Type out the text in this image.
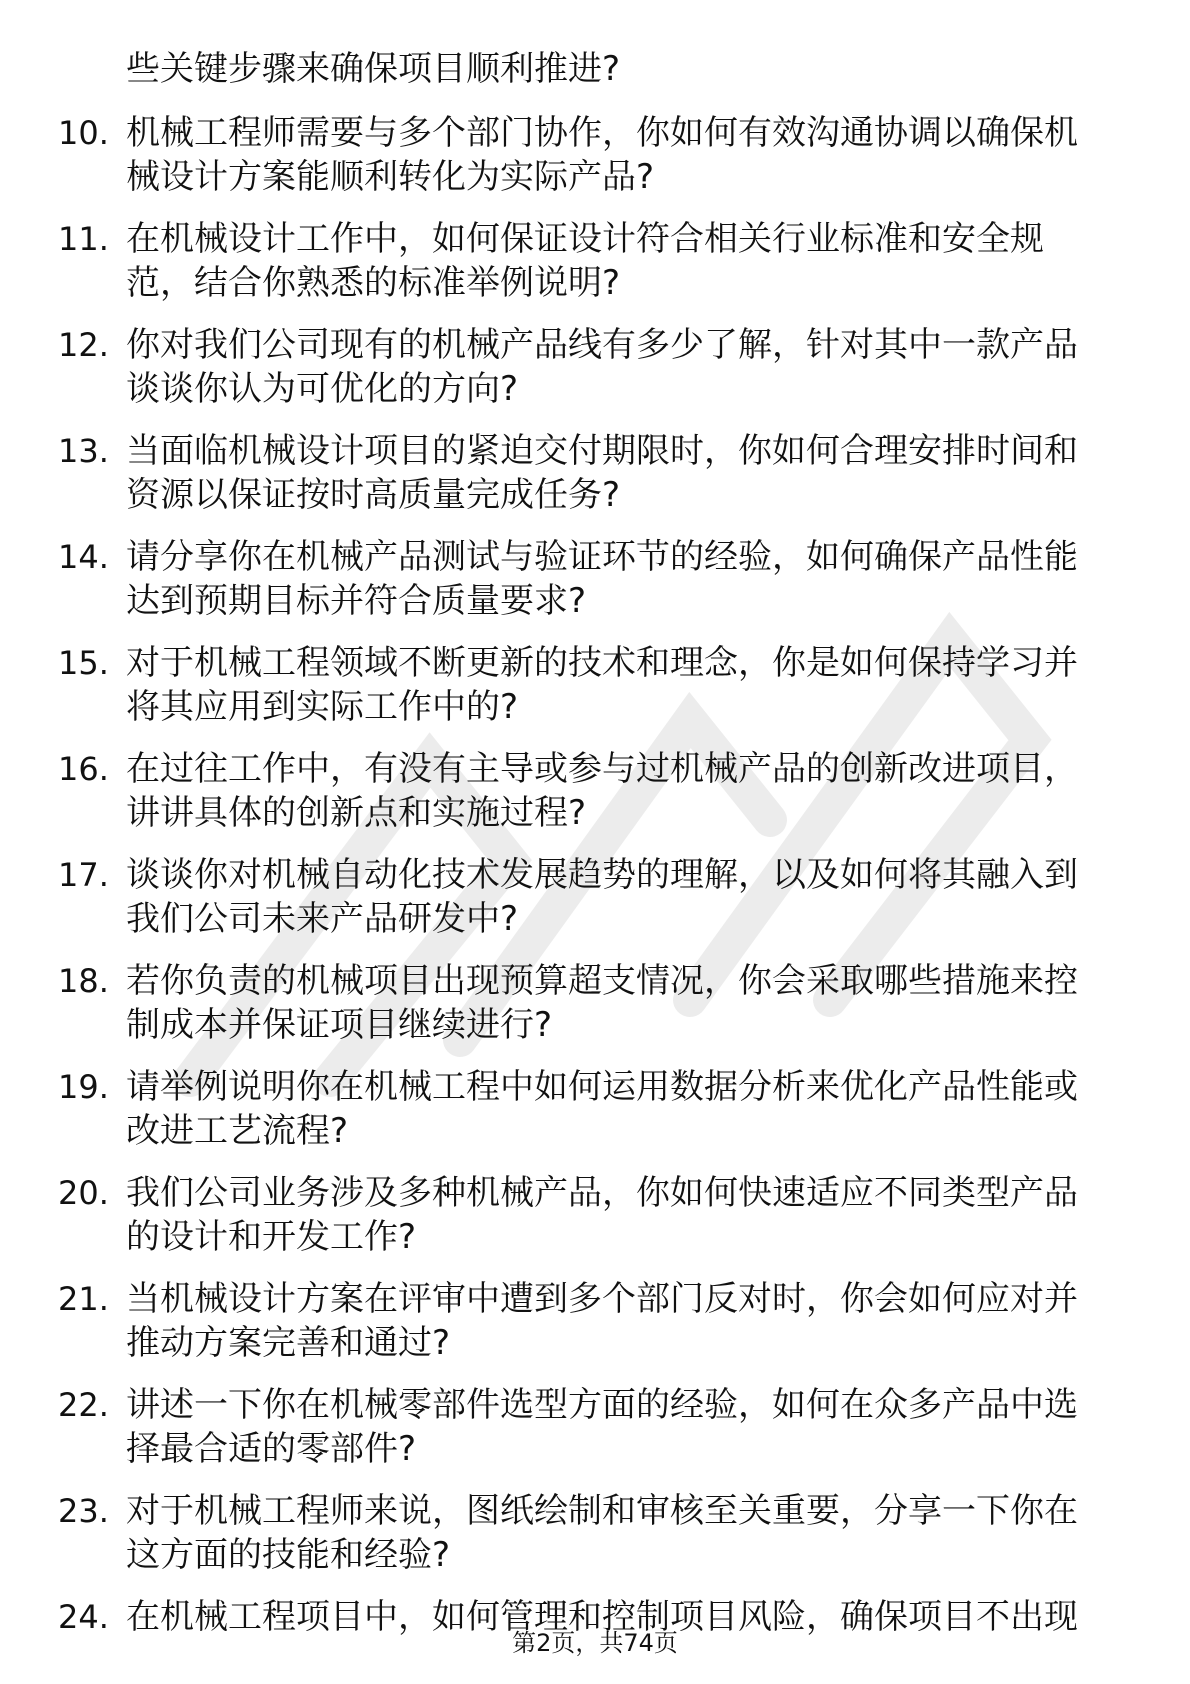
些关键步骤来确保项目顺利推进?
10. 机械工程师需要与多个部门协作，你如何有效沟通协调以确保机
械设计方案能顺利转化为实际产品?
11. 在机械设计工作中，如何保证设计符合相关行业标准和安全规
范，结合你熟悉的标准举例说明?
12. 你对我们公司现有的机械产品线有多少了解，针对其中一款产品
谈谈你认为可优化的方向?
13. 当面临机械设计项目的紧迫交付期限时，你如何合理安排时间和
资源以保证按时高质量完成任务?
14. 请分享你在机械产品测试与验证环节的经验，如何确保产品性能
达到预期目标并符合质量要求?
15. 对于机械工程领域不断更新的技术和理念，你是如何保持学习并
将其应用到实际工作中的?
16. 在过往工作中，有没有主导或参与过机械产品的创新改进项目，
讲讲具体的创新点和实施过程?
17. 谈谈你对机械自动化技术发展趋势的理解，以及如何将其融入到
我们公司未来产品研发中?
18. 若你负责的机械项目出现预算超支情况，你会采取哪些措施来控
制成本并保证项目继续进行?
19. 请举例说明你在机械工程中如何运用数据分析来优化产品性能或
改进工艺流程?
20. 我们公司业务涉及多种机械产品，你如何快速适应不同类型产品
的设计和开发工作?
21. 当机械设计方案在评审中遭到多个部门反对时，你会如何应对并
推动方案完善和通过?
22. 讲述一下你在机械零部件选型方面的经验，如何在众多产品中选
择最合适的零部件?
23. 对于机械工程师来说，图纸绘制和审核至关重要，分享一下你在
这方面的技能和经验?
24. 在机械工程项目中，如何管理和控制项目风险，确保项目不出现
第2页，共74页
